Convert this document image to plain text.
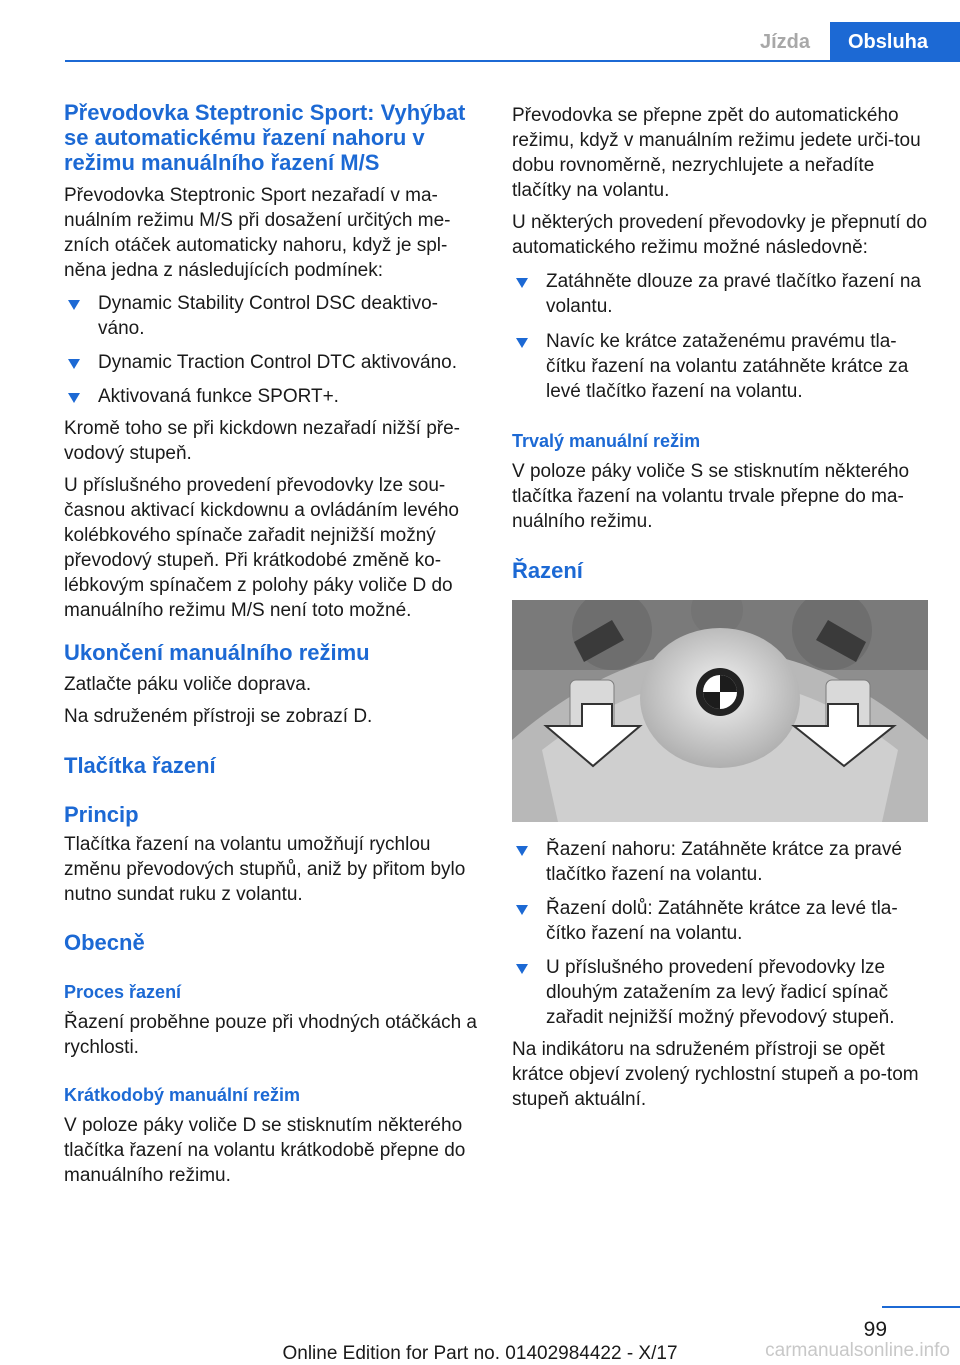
Jízda	Obsluha
Převodovka Steptronic Sport: Vyhýbat se automatickému řazení nahoru v režimu manuálního řazení M/S

Převodovka Steptronic Sport nezařadí v ma‐nuálním režimu M/S při dosažení určitých me‐zních otáček automaticky nahoru, když je spl‐něna jedna z následujících podmínek:

Dynamic Stability Control DSC deaktivo‐váno.
Dynamic Traction Control DTC aktivováno.
Aktivovaná funkce SPORT+.

Kromě toho se při kickdown nezařadí nižší pře‐vodový stupeň.

U příslušného provedení převodovky lze sou‐časnou aktivací kickdownu a ovládáním levého kolébkového spínače zařadit nejnižší možný převodový stupeň. Při krátkodobé změně ko‐lébkovým spínačem z polohy páky voliče D do manuálního režimu M/S není toto možné.

Ukončení manuálního režimu

Zatlačte páku voliče doprava.

Na sdruženém přístroji se zobrazí D.

Tlačítka řazení
Princip

Tlačítka řazení na volantu umožňují rychlou změnu převodových stupňů, aniž by přitom bylo nutno sundat ruku z volantu.

Obecně
Proces řazení

Řazení proběhne pouze při vhodných otáčkách a rychlosti.

Krátkodobý manuální režim

V poloze páky voliče D se stisknutím některého tlačítka řazení na volantu krátkodobě přepne do manuálního režimu.

Převodovka se přepne zpět do automatického režimu, když v manuálním režimu jedete urči‐tou dobu rovnoměrně, nezrychlujete a neřadíte tlačítky na volantu.

U některých provedení převodovky je přepnutí do automatického režimu možné následovně:

Zatáhněte dlouze za pravé tlačítko řazení na volantu.
Navíc ke krátce zataženému pravému tla‐čítku řazení na volantu zatáhněte krátce za levé tlačítko řazení na volantu.
Trvalý manuální režim

V poloze páky voliče S se stisknutím některého tlačítka řazení na volantu trvale přepne do ma‐nuálního režimu.

Řazení
Řazení nahoru: Zatáhněte krátce za pravé tlačítko řazení na volantu.
Řazení dolů: Zatáhněte krátce za levé tla‐čítko řazení na volantu.
U příslušného provedení převodovky lze dlouhým zatažením za levý řadicí spínač zařadit nejnižší možný převodový stupeň.

Na indikátoru na sdruženém přístroji se opět krátce objeví zvolený rychlostní stupeň a po‐tom stupeň aktuální.

99
Online Edition for Part no. 01402984422 - X/17	carmanualsonline.info
